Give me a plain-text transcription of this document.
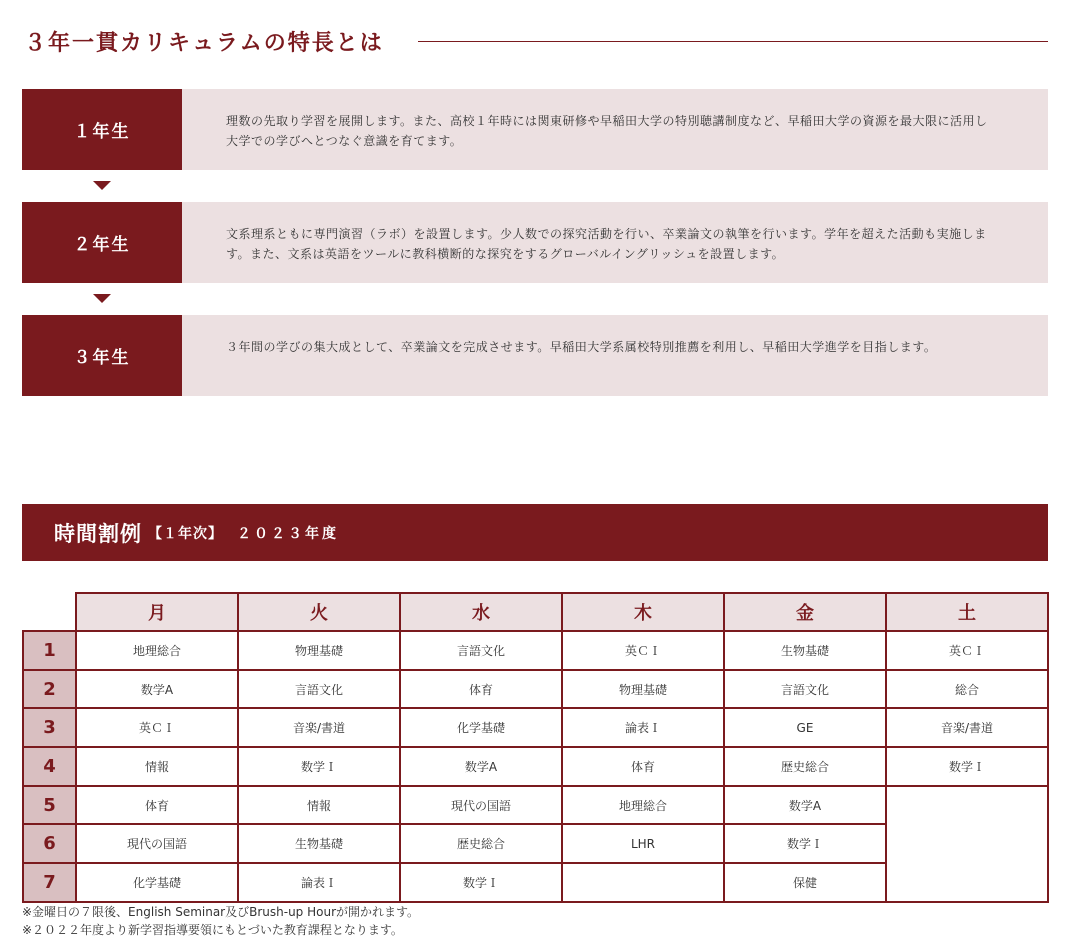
３年一貫カリキュラムの特長とは
１年生
理数の先取り学習を展開します。また、高校１年時には関東研修や早稲田大学の特別聴講制度など、早稲田大学の資源を最大限に活用し大学での学びへとつなぐ意識を育てます。
２年生
文系理系ともに専門演習（ラボ）を設置します。少人数での探究活動を行い、卒業論文の執筆を行います。学年を超えた活動も実施します。また、文系は英語をツールに教科横断的な探究をするグローバルイングリッシュを設置します。
３年生
３年間の学びの集大成として、卒業論文を完成させます。早稲田大学系属校特別推薦を利用し、早稲田大学進学を目指します。
時間割例 【１年次】 ２０２３年度
	月	火	水	木	金	土
1	地理総合	物理基礎	言語文化	英ＣＩ	生物基礎	英ＣＩ
2	数学A	言語文化	体育	物理基礎	言語文化	総合
3	英ＣＩ	音楽/書道	化学基礎	論表Ｉ	GE	音楽/書道
4	情報	数学Ｉ	数学A	体育	歴史総合	数学Ｉ
5	体育	情報	現代の国語	地理総合	数学A	
6	現代の国語	生物基礎	歴史総合	LHR	数学Ｉ	
7	化学基礎	論表Ｉ	数学Ｉ		保健	
※金曜日の７限後、English Seminar及びBrush-up Hourが開かれます。
※２０２２年度より新学習指導要領にもとづいた教育課程となります。
